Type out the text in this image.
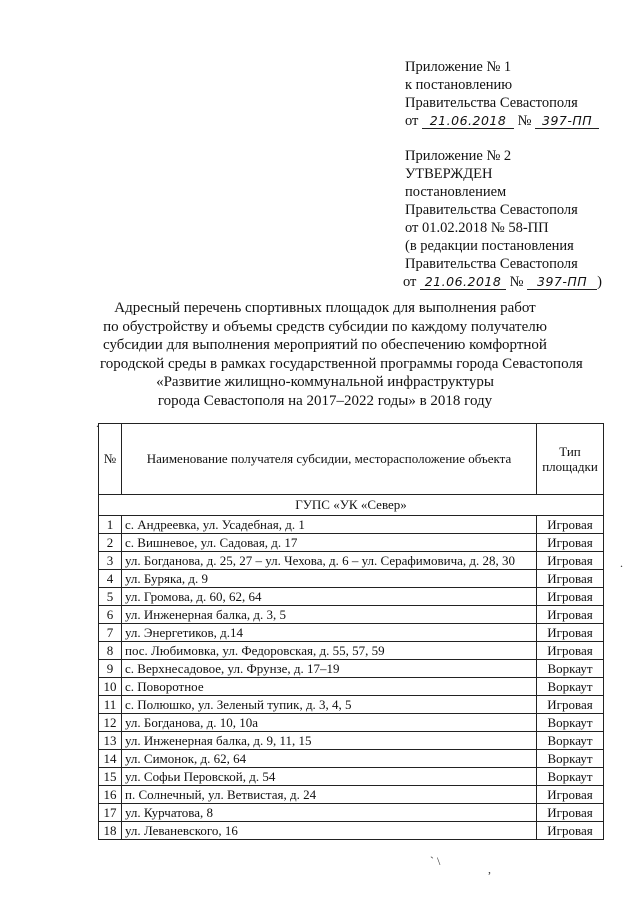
Приложение № 1
к постановлению
Правительства Севастополя
от 21.06.2018 № 397-ПП
Приложение № 2
УТВЕРЖДЕН
постановлением
Правительства Севастополя
от 01.02.2018 № 58-ПП
(в редакции постановления
Правительства Севастополя
от 21.06.2018 № 397-ПП )
Адресный перечень спортивных площадок для выполнения работ
по обустройству и объемы средств субсидии по каждому получателю
субсидии для выполнения мероприятий по обеспечению комфортной
городской среды в рамках государственной программы города Севастополя
«Развитие жилищно-коммунальной инфраструктуры
города Севастополя на 2017–2022 годы» в 2018 году
№	Наименование получателя субсидии, месторасположение объекта	Тип
площадки
ГУПС «УК «Север»		
1	с. Андреевка, ул. Усадебная, д. 1	Игровая
2	с. Вишневое, ул. Садовая, д. 17	Игровая
3	ул. Богданова, д. 25, 27 – ул. Чехова, д. 6 – ул. Серафимовича, д. 28, 30	Игровая
4	ул. Буряка, д. 9	Игровая
5	ул. Громова, д. 60, 62, 64	Игровая
6	ул. Инженерная балка, д. 3, 5	Игровая
7	ул. Энергетиков, д.14	Игровая
8	пос. Любимовка, ул. Федоровская, д. 55, 57, 59	Игровая
9	с. Верхнесадовое, ул. Фрунзе, д. 17–19	Воркаут
10	с. Поворотное	Воркаут
11	с. Полюшко, ул. Зеленый тупик, д. 3, 4, 5	Игровая
12	ул. Богданова, д. 10, 10а	Воркаут
13	ул. Инженерная балка, д. 9, 11, 15	Воркаут
14	ул. Симонок, д. 62, 64	Воркаут
15	ул. Софьи Перовской, д. 54	Воркаут
16	п. Солнечный, ул. Ветвистая, д. 24	Игровая
17	ул. Курчатова, 8	Игровая
18	ул. Леваневского, 16	Игровая
.
.
` \
,
